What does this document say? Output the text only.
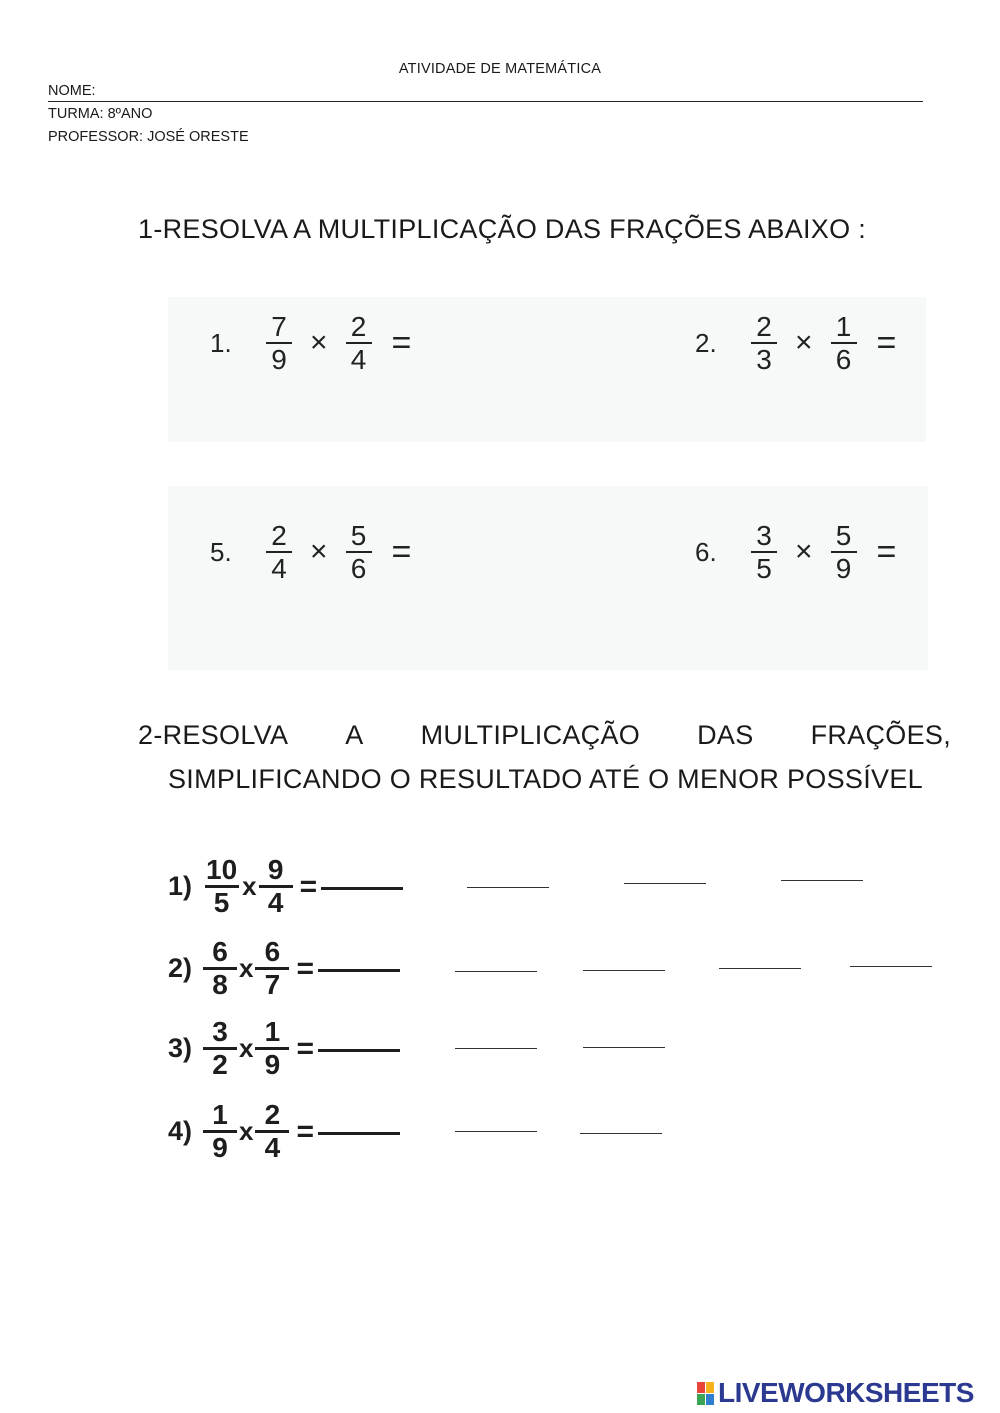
ATIVIDADE DE MATEMÁTICA
NOME:
TURMA: 8ºANO
PROFESSOR: JOSÉ ORESTE
1-RESOLVA A MULTIPLICAÇÃO DAS FRAÇÕES ABAIXO :
1.	$\frac{7}{9} \times \frac{2}{4}$ =	2.	$\frac{2}{3} \times \frac{1}{6}$ =
5.	$\frac{2}{4} \times \frac{5}{6}$ =	6.	$\frac{3}{5} \times \frac{5}{9}$ =
2-RESOLVA A MULTIPLICAÇÃO DAS FRAÇÕES,
SIMPLIFICANDO O RESULTADO ATÉ O MENOR POSSÍVEL
$1) \frac{10}{5}$ x $\frac{9}{4}$ =
$2) \frac{6}{8}$ x $\frac{6}{7}$ =
$3) \frac{3}{2}$ x $\frac{1}{9}$ =
$4) \frac{1}{9}$ x $\frac{2}{4}$ =
LIVEWORKSHEETS
